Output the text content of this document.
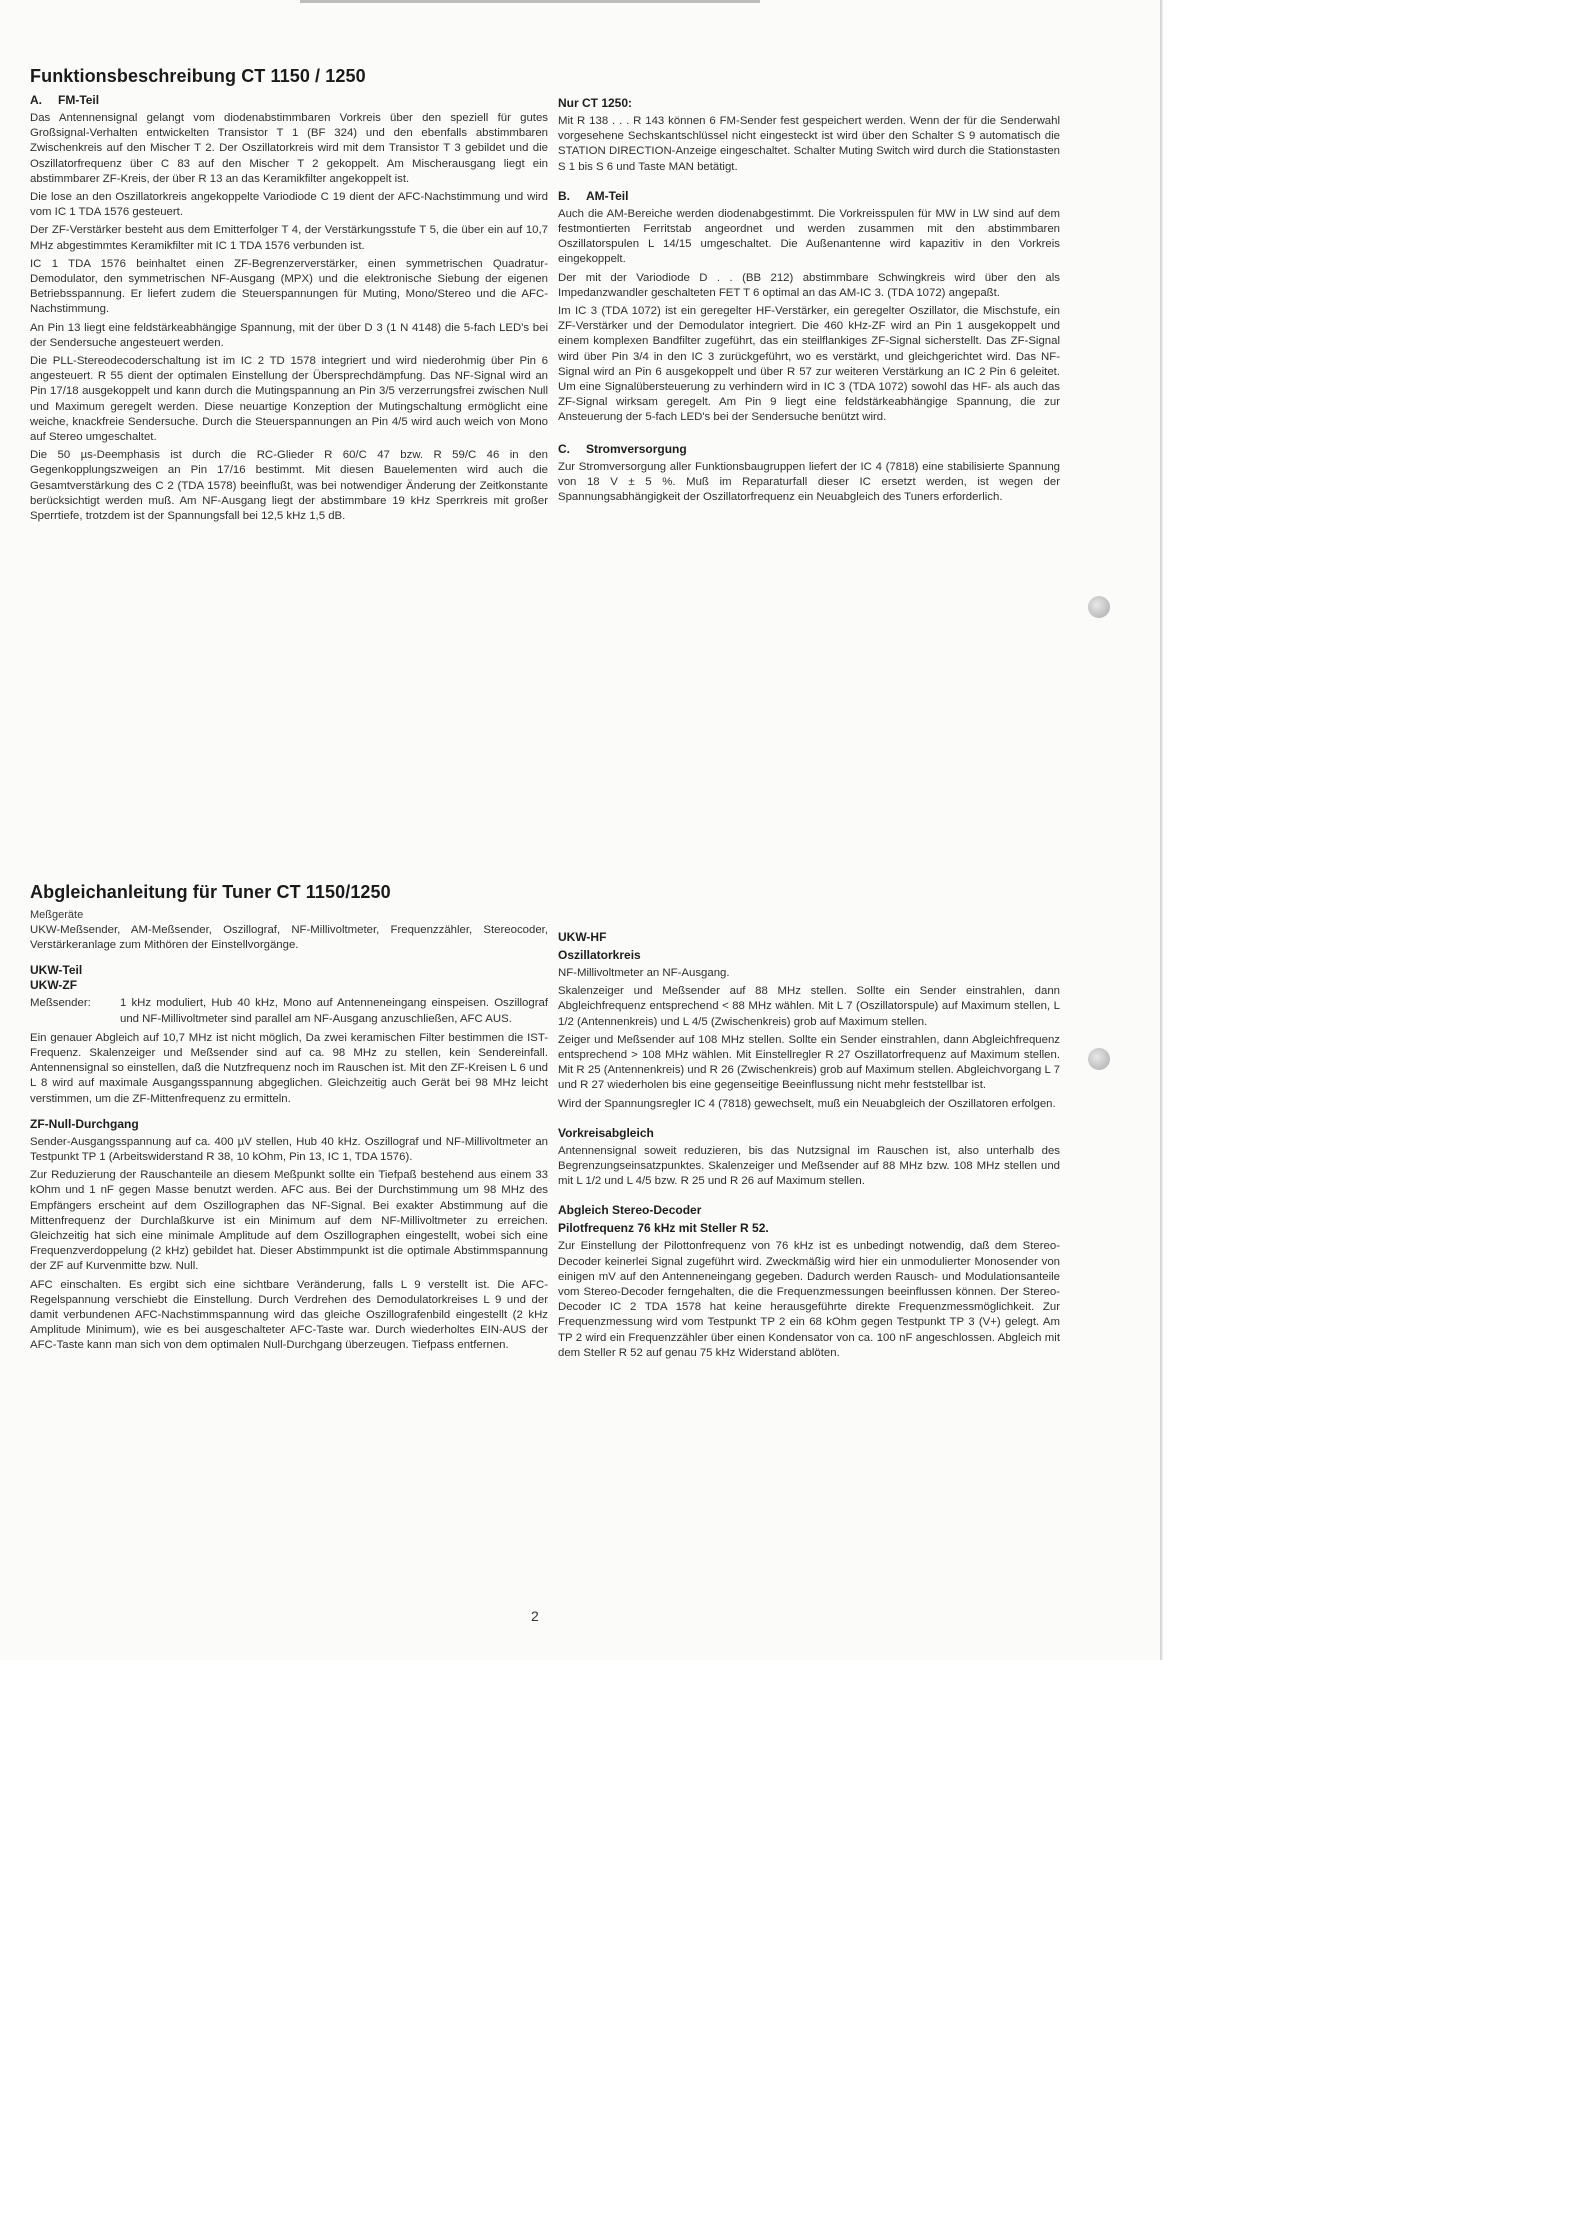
Funktionsbeschreibung CT 1150 / 1250
A. FM-Teil

Das Antennensignal gelangt vom diodenabstimmbaren Vorkreis über den speziell für gutes Großsignal-Verhalten entwickelten Transistor T 1 (BF 324) und den ebenfalls abstimmbaren Zwischenkreis auf den Mischer T 2. Der Oszillatorkreis wird mit dem Transistor T 3 gebildet und die Oszillatorfrequenz über C 83 auf den Mischer T 2 gekoppelt. Am Mischerausgang liegt ein abstimmbarer ZF-Kreis, der über R 13 an das Keramikfilter angekoppelt ist.

Die lose an den Oszillatorkreis angekoppelte Variodiode C 19 dient der AFC-Nachstimmung und wird vom IC 1 TDA 1576 gesteuert.

Der ZF-Verstärker besteht aus dem Emitterfolger T 4, der Verstärkungsstufe T 5, die über ein auf 10,7 MHz abgestimmtes Keramikfilter mit IC 1 TDA 1576 verbunden ist.

IC 1 TDA 1576 beinhaltet einen ZF-Begrenzerverstärker, einen symmetrischen Quadratur-Demodulator, den symmetrischen NF-Ausgang (MPX) und die elektronische Siebung der eigenen Betriebsspannung. Er liefert zudem die Steuerspannungen für Muting, Mono/Stereo und die AFC-Nachstimmung.

An Pin 13 liegt eine feldstärkeabhängige Spannung, mit der über D 3 (1 N 4148) die 5-fach LED's bei der Sendersuche angesteuert werden.

Die PLL-Stereodecoderschaltung ist im IC 2 TD 1578 integriert und wird niederohmig über Pin 6 angesteuert. R 55 dient der optimalen Einstellung der Übersprechdämpfung. Das NF-Signal wird an Pin 17/18 ausgekoppelt und kann durch die Mutingspannung an Pin 3/5 verzerrungsfrei zwischen Null und Maximum geregelt werden. Diese neuartige Konzeption der Mutingschaltung ermöglicht eine weiche, knackfreie Sendersuche. Durch die Steuerspannungen an Pin 4/5 wird auch weich von Mono auf Stereo umgeschaltet.

Die 50 µs-Deemphasis ist durch die RC-Glieder R 60/C 47 bzw. R 59/C 46 in den Gegenkopplungszweigen an Pin 17/16 bestimmt. Mit diesen Bauelementen wird auch die Gesamtverstärkung des C 2 (TDA 1578) beeinflußt, was bei notwendiger Änderung der Zeitkonstante berücksichtigt werden muß. Am NF-Ausgang liegt der abstimmbare 19 kHz Sperrkreis mit großer Sperrtiefe, trotzdem ist der Spannungsfall bei 12,5 kHz 1,5 dB.

Nur CT 1250:

Mit R 138 . . . R 143 können 6 FM-Sender fest gespeichert werden. Wenn der für die Senderwahl vorgesehene Sechskantschlüssel nicht eingesteckt ist wird über den Schalter S 9 automatisch die STATION DIRECTION-Anzeige eingeschaltet. Schalter Muting Switch wird durch die Stationstasten S 1 bis S 6 und Taste MAN betätigt.

B. AM-Teil

Auch die AM-Bereiche werden diodenabgestimmt. Die Vorkreisspulen für MW in LW sind auf dem festmontierten Ferritstab angeordnet und werden zusammen mit den abstimmbaren Oszillatorspulen L 14/15 umgeschaltet. Die Außenantenne wird kapazitiv in den Vorkreis eingekoppelt.

Der mit der Variodiode D . . (BB 212) abstimmbare Schwingkreis wird über den als Impedanzwandler geschalteten FET T 6 optimal an das AM-IC 3. (TDA 1072) angepaßt.

Im IC 3 (TDA 1072) ist ein geregelter HF-Verstärker, ein geregelter Oszillator, die Mischstufe, ein ZF-Verstärker und der Demodulator integriert. Die 460 kHz-ZF wird an Pin 1 ausgekoppelt und einem komplexen Bandfilter zugeführt, das ein steilflankiges ZF-Signal sicherstellt. Das ZF-Signal wird über Pin 3/4 in den IC 3 zurückgeführt, wo es verstärkt, und gleichgerichtet wird. Das NF-Signal wird an Pin 6 ausgekoppelt und über R 57 zur weiteren Verstärkung an IC 2 Pin 6 geleitet. Um eine Signalübersteuerung zu verhindern wird in IC 3 (TDA 1072) sowohl das HF- als auch das ZF-Signal wirksam geregelt. Am Pin 9 liegt eine feldstärkeabhängige Spannung, die zur Ansteuerung der 5-fach LED's bei der Sendersuche benützt wird.

C. Stromversorgung

Zur Stromversorgung aller Funktionsbaugruppen liefert der IC 4 (7818) eine stabilisierte Spannung von 18 V ± 5 %. Muß im Reparaturfall dieser IC ersetzt werden, ist wegen der Spannungsabhängigkeit der Oszillatorfrequenz ein Neuabgleich des Tuners erforderlich.

Abgleichanleitung für Tuner CT 1150/1250
Meßgeräte

UKW-Meßsender, AM-Meßsender, Oszillograf, NF-Millivoltmeter, Frequenzzähler, Stereocoder, Verstärkeranlage zum Mithören der Einstellvorgänge.

UKW-Teil
UKW-ZF
Meßsender:	1 kHz moduliert, Hub 40 kHz, Mono auf Antenneneingang einspeisen. Oszillograf und NF-Millivoltmeter sind parallel am NF-Ausgang anzuschließen, AFC AUS.

Ein genauer Abgleich auf 10,7 MHz ist nicht möglich, Da zwei keramischen Filter bestimmen die IST-Frequenz. Skalenzeiger und Meßsender sind auf ca. 98 MHz zu stellen, kein Sendereinfall. Antennensignal so einstellen, daß die Nutzfrequenz noch im Rauschen ist. Mit den ZF-Kreisen L 6 und L 8 wird auf maximale Ausgangsspannung abgeglichen. Gleichzeitig auch Gerät bei 98 MHz leicht verstimmen, um die ZF-Mittenfrequenz zu ermitteln.

ZF-Null-Durchgang

Sender-Ausgangsspannung auf ca. 400 µV stellen, Hub 40 kHz. Oszillograf und NF-Millivoltmeter an Testpunkt TP 1 (Arbeitswiderstand R 38, 10 kOhm, Pin 13, IC 1, TDA 1576).

Zur Reduzierung der Rauschanteile an diesem Meßpunkt sollte ein Tiefpaß bestehend aus einem 33 kOhm und 1 nF gegen Masse benutzt werden. AFC aus. Bei der Durchstimmung um 98 MHz des Empfängers erscheint auf dem Oszillographen das NF-Signal. Bei exakter Abstimmung auf die Mittenfrequenz der Durchlaßkurve ist ein Minimum auf dem NF-Millivoltmeter zu erreichen. Gleichzeitig hat sich eine minimale Amplitude auf dem Oszillographen eingestellt, wobei sich eine Frequenzverdoppelung (2 kHz) gebildet hat. Dieser Abstimmpunkt ist die optimale Abstimmspannung der ZF auf Kurvenmitte bzw. Null.

AFC einschalten. Es ergibt sich eine sichtbare Veränderung, falls L 9 verstellt ist. Die AFC-Regelspannung verschiebt die Einstellung. Durch Verdrehen des Demodulatorkreises L 9 und der damit verbundenen AFC-Nachstimmspannung wird das gleiche Oszillografenbild eingestellt (2 kHz Amplitude Minimum), wie es bei ausgeschalteter AFC-Taste war. Durch wiederholtes EIN-AUS der AFC-Taste kann man sich von dem optimalen Null-Durchgang überzeugen. Tiefpass entfernen.

UKW-HF
Oszillatorkreis

NF-Millivoltmeter an NF-Ausgang.

Skalenzeiger und Meßsender auf 88 MHz stellen. Sollte ein Sender einstrahlen, dann Abgleichfrequenz entsprechend < 88 MHz wählen. Mit L 7 (Oszillatorspule) auf Maximum stellen, L 1/2 (Antennenkreis) und L 4/5 (Zwischenkreis) grob auf Maximum stellen.

Zeiger und Meßsender auf 108 MHz stellen. Sollte ein Sender einstrahlen, dann Abgleichfrequenz entsprechend > 108 MHz wählen. Mit Einstellregler R 27 Oszillatorfrequenz auf Maximum stellen. Mit R 25 (Antennenkreis) und R 26 (Zwischenkreis) grob auf Maximum stellen. Abgleichvorgang L 7 und R 27 wiederholen bis eine gegenseitige Beeinflussung nicht mehr feststellbar ist.

Wird der Spannungsregler IC 4 (7818) gewechselt, muß ein Neuabgleich der Oszillatoren erfolgen.

Vorkreisabgleich

Antennensignal soweit reduzieren, bis das Nutzsignal im Rauschen ist, also unterhalb des Begrenzungseinsatzpunktes. Skalenzeiger und Meßsender auf 88 MHz bzw. 108 MHz stellen und mit L 1/2 und L 4/5 bzw. R 25 und R 26 auf Maximum stellen.

Abgleich Stereo-Decoder
Pilotfrequenz 76 kHz mit Steller R 52.

Zur Einstellung der Pilottonfrequenz von 76 kHz ist es unbedingt notwendig, daß dem Stereo-Decoder keinerlei Signal zugeführt wird. Zweckmäßig wird hier ein unmodulierter Monosender von einigen mV auf den Antenneneingang gegeben. Dadurch werden Rausch- und Modulationsanteile vom Stereo-Decoder ferngehalten, die die Frequenzmessungen beeinflussen können. Der Stereo-Decoder IC 2 TDA 1578 hat keine herausgeführte direkte Frequenzmessmöglichkeit. Zur Frequenzmessung wird vom Testpunkt TP 2 ein 68 kOhm gegen Testpunkt TP 3 (V+) gelegt. Am TP 2 wird ein Frequenzzähler über einen Kondensator von ca. 100 nF angeschlossen. Abgleich mit dem Steller R 52 auf genau 75 kHz Widerstand ablöten.

2
